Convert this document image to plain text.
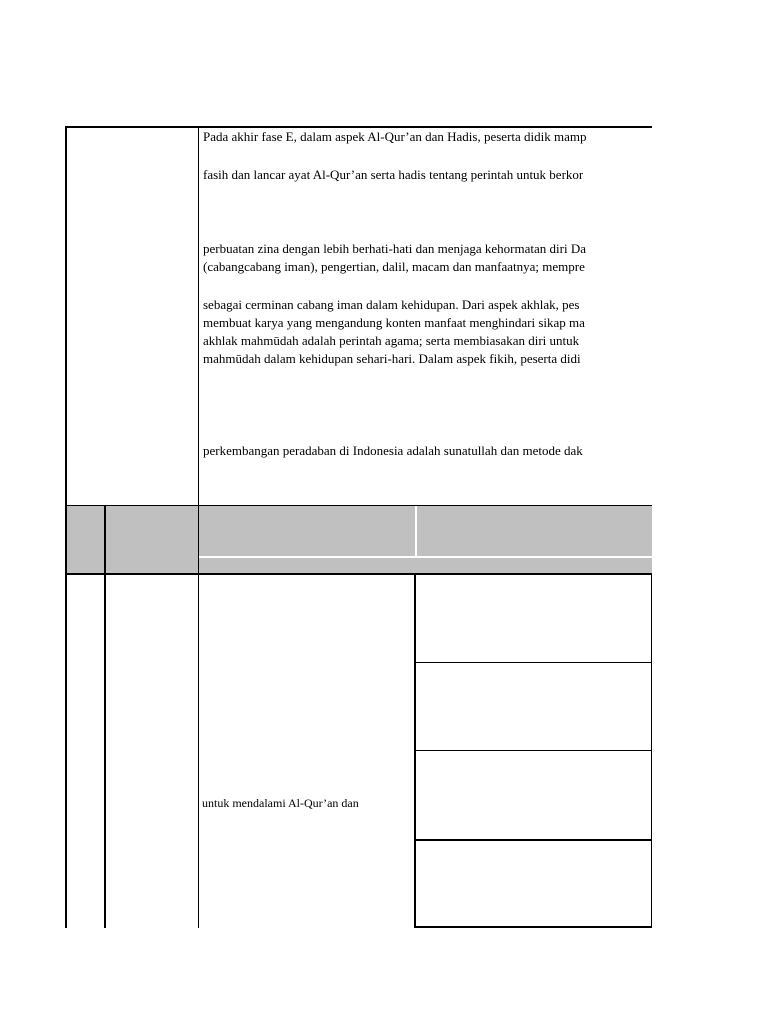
Pada akhir fase E, dalam aspek Al-Qur’an dan Hadis, peserta didik mamp
fasih dan lancar ayat Al-Qur’an serta hadis tentang perintah untuk berkor
perbuatan zina dengan lebih berhati-hati dan menjaga kehormatan diri Da
(cabangcabang iman), pengertian, dalil, macam dan manfaatnya; mempre
sebagai cerminan cabang iman dalam kehidupan. Dari aspek akhlak, pes
membuat karya yang mengandung konten manfaat menghindari sikap ma
akhlak mahmūdah adalah perintah agama; serta membiasakan diri untuk
mahmūdah dalam kehidupan sehari-hari. Dalam aspek fikih, peserta didi
perkembangan peradaban di Indonesia adalah sunatullah dan metode dak
untuk mendalami Al-Qur’an dan
